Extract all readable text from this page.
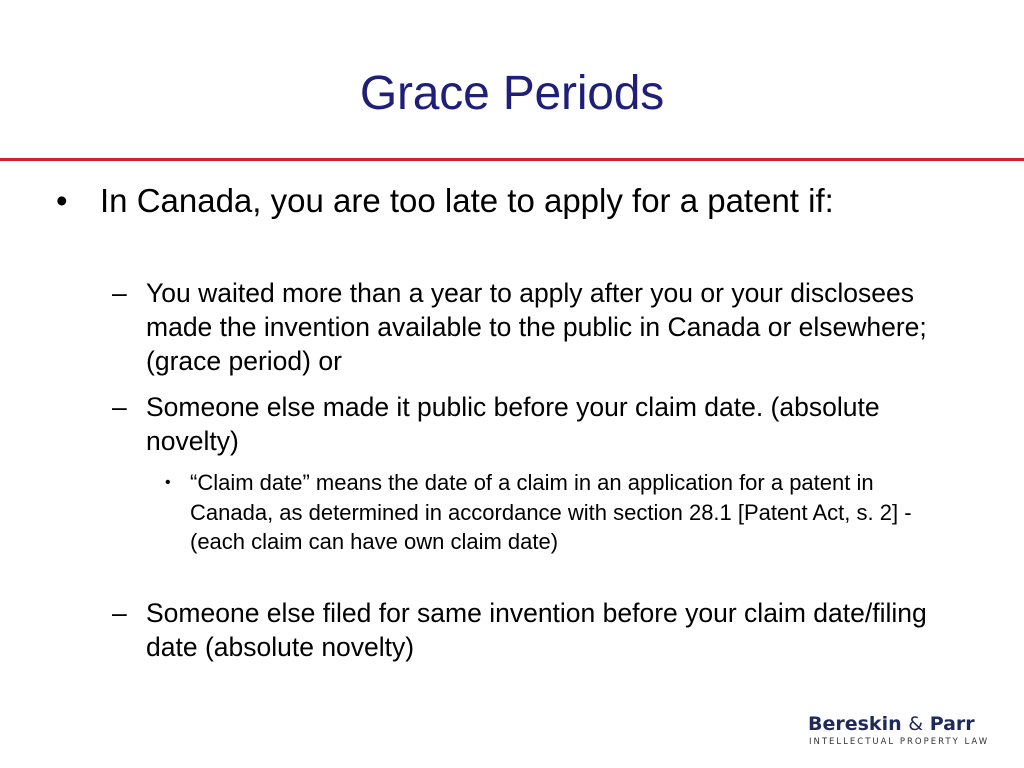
Grace Periods
• In Canada, you are too late to apply for a patent if:
– You waited more than a year to apply after you or your disclosees made the invention available to the public in Canada or elsewhere; (grace period) or
– Someone else made it public before your claim date. (absolute novelty)
• “Claim date” means the date of a claim in an application for a patent in Canada, as determined in accordance with section 28.1 [Patent Act, s. 2] - (each claim can have own claim date)
– Someone else filed for same invention before your claim date/filing date (absolute novelty)
Bereskin & Parr
INTELLECTUAL PROPERTY LAW
